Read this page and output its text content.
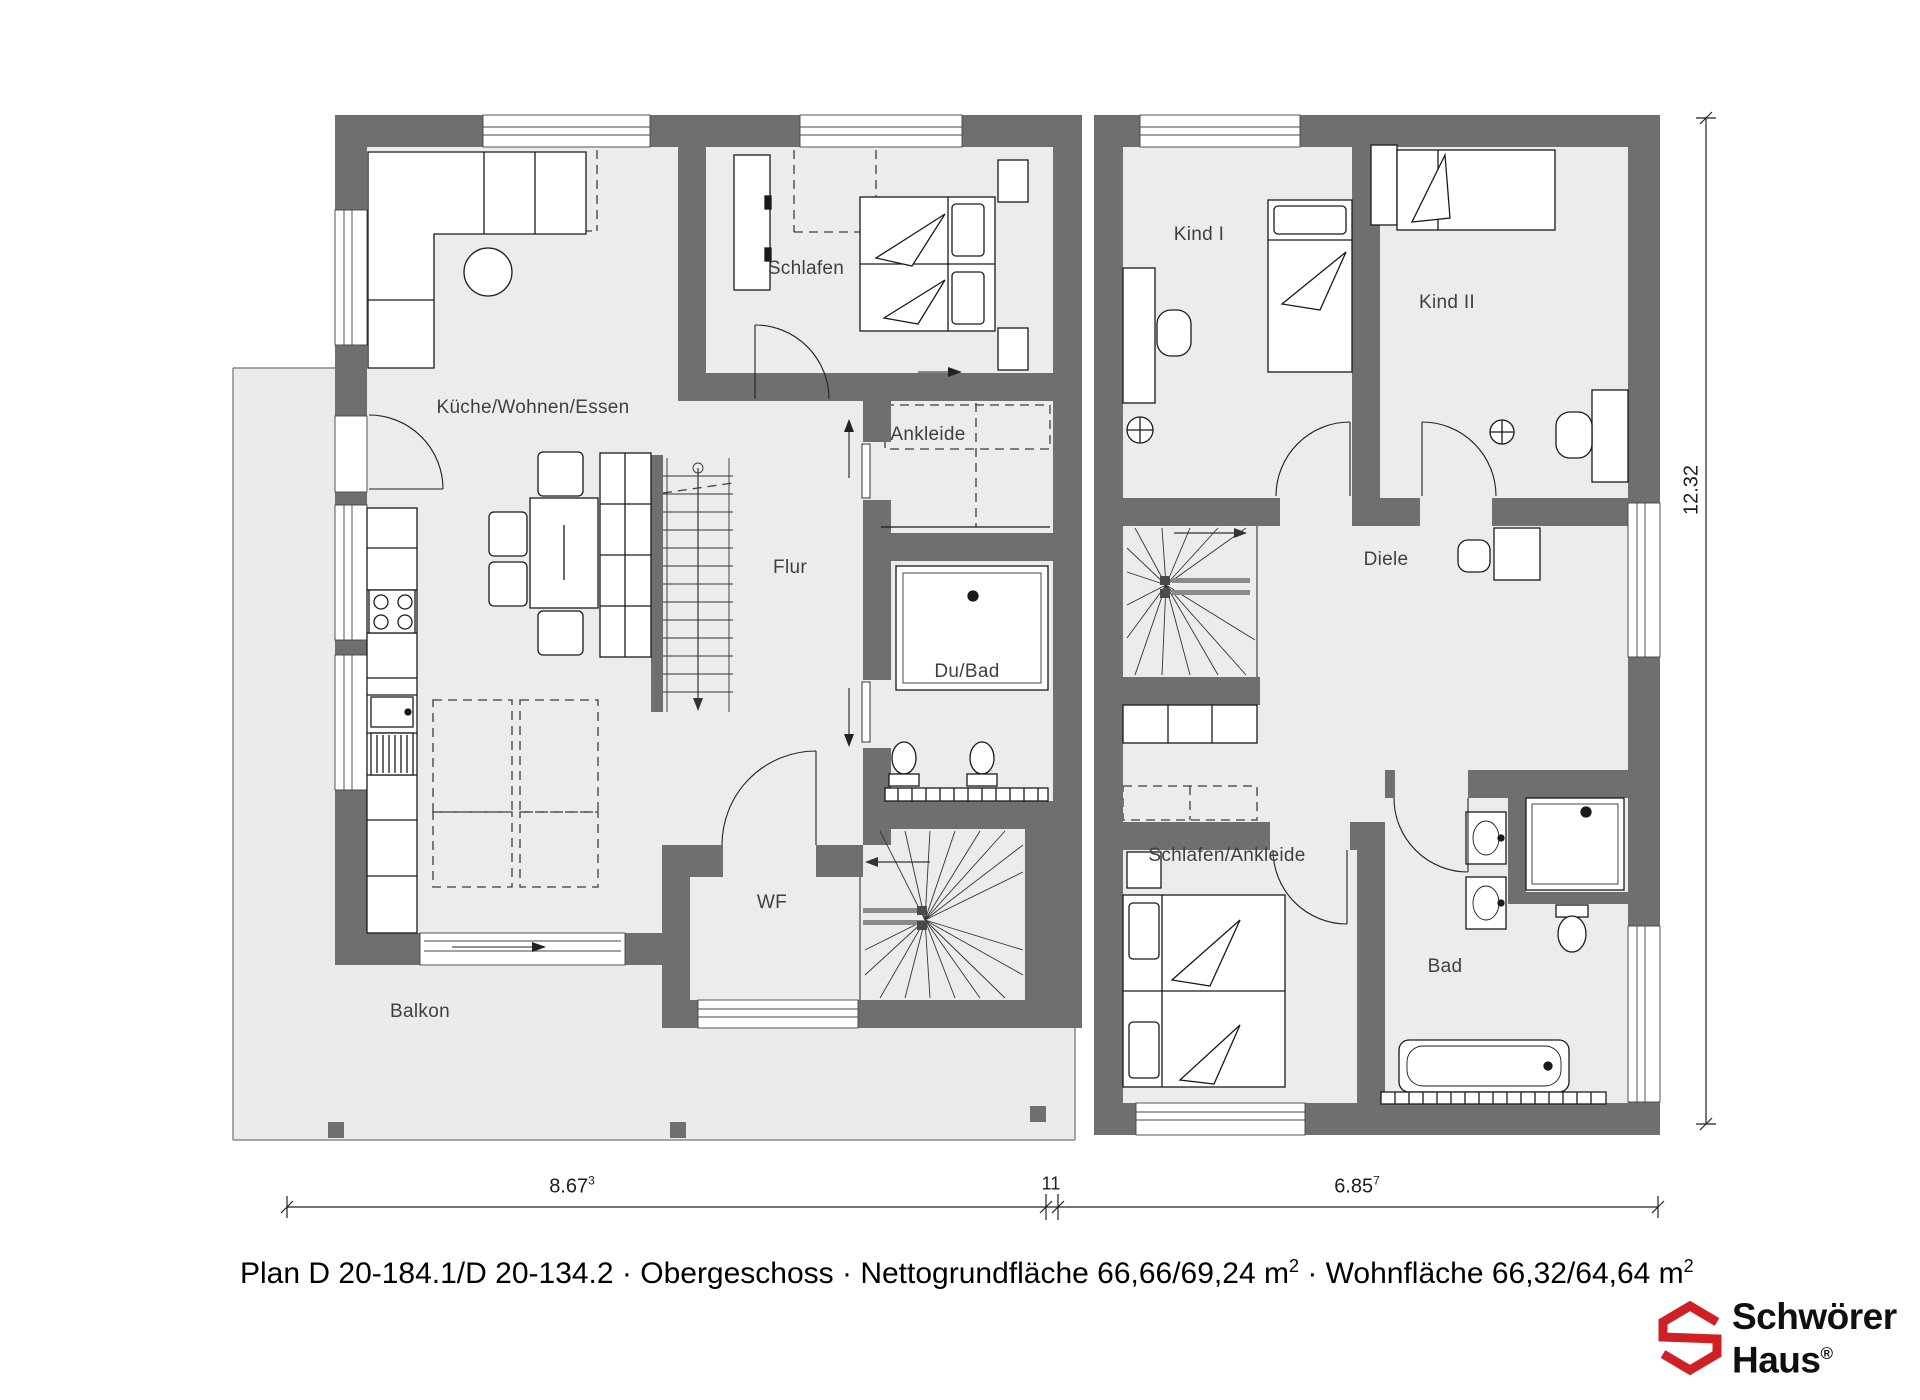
Küche/Wohnen/Essen
Schlafen
Ankleide
Flur
Du/Bad
WF
Balkon
Kind I
Kind II
Diele
Schlafen/Ankleide
Bad
8.67$^3$	11	6.85$^7$
12.32
Plan D 20-184.1/D 20-134.2 · Obergeschoss · Nettogrundfläche 66,66/69,24 $m^2$ · Wohnfläche 66,32/64,64 $m^2$
Schwörer
Haus®
